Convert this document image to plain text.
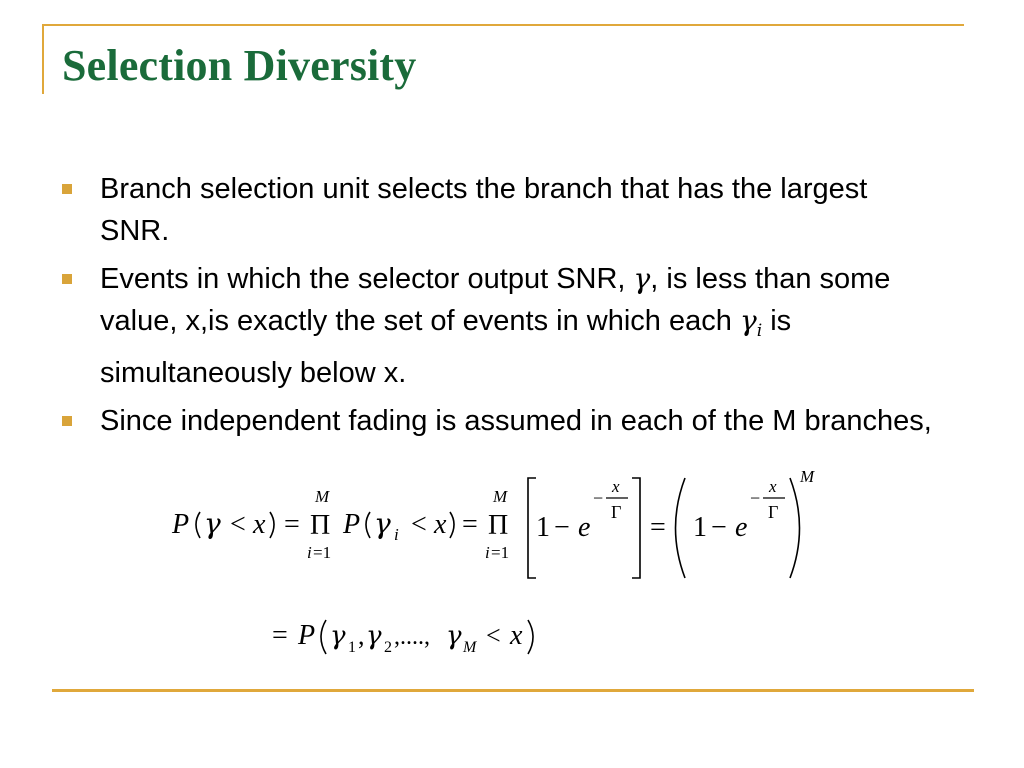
Selection Diversity
Branch selection unit selects the branch that has the largest SNR.
Events in which the selector output SNR, γ, is less than some value, x,is exactly the set of events in which each $\gamma_i$ is simultaneously below x.
Since independent fading is assumed in each of the M branches,
P γ < x =
M
Π
i =1
P γ i < x =
M
Π
i =1
1 − e
−
x
Γ = 1 − e
−
x
Γ
M
= P γ 1 , γ 2 ,...., γ M < x
